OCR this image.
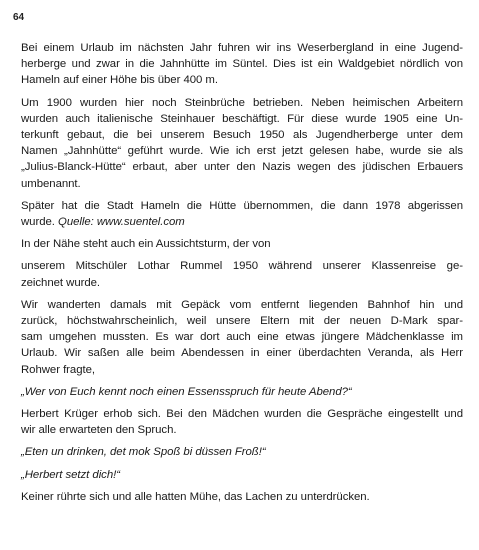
64

Bei einem Urlaub im nächsten Jahr fuhren wir ins Weserbergland in eine Jugend-
herberge und zwar in die Jahnhütte im Süntel. Dies ist ein Waldgebiet nördlich von
Hameln auf einer Höhe bis über 400 m.

Um 1900 wurden hier noch Steinbrüche betrieben. Neben heimischen Arbeitern
wurden auch italienische Steinhauer beschäftigt. Für diese wurde 1905 eine Un-
terkunft gebaut, die bei unserem Besuch 1950 als Jugendherberge unter dem
Namen „Jahnhütte“ geführt wurde. Wie ich erst jetzt gelesen habe, wurde sie als
„Julius-Blanck-Hütte“ erbaut, aber unter den Nazis wegen des jüdischen Erbauers
umbenannt.

Später hat die Stadt Hameln die Hütte übernommen, die dann 1978 abgerissen
wurde. Quelle: www.suentel.com

In der Nähe steht auch ein Aussichtsturm, der von

unserem Mitschüler Lothar Rummel 1950 während unserer Klassenreise ge-
zeichnet wurde.

Wir wanderten damals mit Gepäck vom entfernt liegenden Bahnhof hin und
zurück, höchstwahrscheinlich, weil unsere Eltern mit der neuen D-Mark spar-
sam umgehen mussten. Es war dort auch eine etwas jüngere Mädchenklasse im
Urlaub. Wir saßen alle beim Abendessen in einer überdachten Veranda, als Herr
Rohwer fragte,

„Wer von Euch kennt noch einen Essensspruch für heute Abend?“

Herbert Krüger erhob sich. Bei den Mädchen wurden die Gespräche eingestellt und
wir alle erwarteten den Spruch.

„Eten un drinken, det mok Spoß bi düssen Froß!“

„Herbert setzt dich!“

Keiner rührte sich und alle hatten Mühe, das Lachen zu unterdrücken.
